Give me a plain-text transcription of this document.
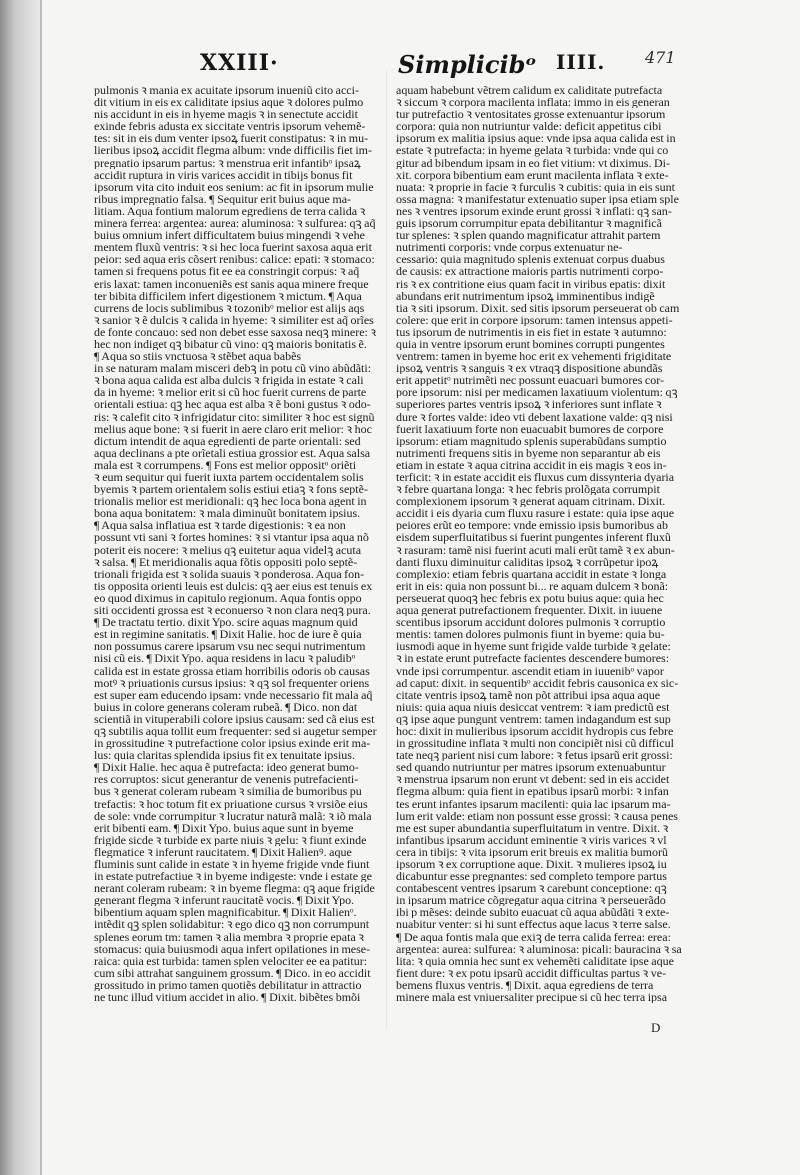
XXIII·	Simplicibᵒ IIII. 471
pulmonis ꝛ mania ex acuitate ipsorum inueniũ cito acci-
dit vitium in eis ex caliditate ipsius aque ꝛ dolores pulmo
nis accidunt in eis in hyeme magis ꝛ in senectute accidit
exinde febris adusta ex siccitate ventris ipsorum vehemẽ-
tes: sit in eis dum venter ipsoꝝ fuerit constipatus: ꝛ in mu-
lieribus ipsoꝝ accidit flegma album: vnde difficilis fiet im-
pregnatio ipsarum partus: ꝛ menstrua erit infantibᵒ ipsaꝝ
accidit ruptura in viris varices accidit in tibijs bonus fit
ipsorum vita cito induit eos senium: ac fit in ipsorum mulie
ribus impregnatio falsa. ¶ Sequitur erit buius aque ma-
litiam. Aqua fontium malorum egrediens de terra calida ꝛ
minera ferrea: argentea: aurea: aluminosa: ꝛ sulfurea: qꝫ aq̃
buius omnium infert difficultatem buius mingendi ꝛ vehe
mentem fluxũ ventris: ꝛ si hec loca fuerint saxosa aqua erit
peior: sed aqua eris cõsert renibus: calice: epati: ꝛ stomaco:
tamen si frequens potus fit ee ea constringit corpus: ꝛ aq̃
eris laxat: tamen inconueniẽs est sanis aqua minere freque
ter bibita difficilem infert digestionem ꝛ mictum. ¶ Aqua
currens de locis sublimibus ꝛ tozonibᵒ melior est alijs aqs
ꝛ sanior ꝛ ẽ dulcis ꝛ calida in hyeme: ꝛ similiter est aq̃ orĩes
de fonte concauo: sed non debet esse saxosa neqꝫ minere: ꝛ
hec non indiget qꝫ bibatur cũ vino: qꝫ maioris bonitatis ẽ.
¶ Aqua so stiis vnctuosa ꝛ stẽbet aqua babẽs
in se naturam malam misceri debꝫ in potu cũ vino abũdãti:
ꝛ bona aqua calida est alba dulcis ꝛ frigida in estate ꝛ cali
da in hyeme: ꝛ melior erit si cũ hoc fuerit currens de parte
orientali estiua: qꝫ hec aqua est alba ꝛ ẽ boni gustus ꝛ odo-
ris: ꝛ calefit cito ꝛ infrigidatur cito: similiter ꝛ hoc est signũ
melius aque bone: ꝛ si fuerit in aere claro erit melior: ꝛ hoc
dictum intendit de aqua egredienti de parte orientali: sed
aqua declinans a pte orĩetali estiua grossior est. Aqua salsa
mala est ꝛ corrumpens. ¶ Fons est melior oppositᵒ oriẽti
ꝛ eum sequitur qui fuerit iuxta partem occidentalem solis
byemis ꝛ partem orientalem solis estiui etiaꝫ ꝛ fons septẽ-
trionalis melior est meridionali: qꝫ hec loca bona agent in
bona aqua bonitatem: ꝛ mala diminuũt bonitatem ipsius.
¶ Aqua salsa inflatiua est ꝛ tarde digestionis: ꝛ ea non
possunt vti sani ꝛ fortes homines: ꝛ si vtantur ipsa aqua nõ
poterit eis nocere: ꝛ melius qꝫ euitetur aqua videlꝫ acuta
ꝛ salsa. ¶ Et meridionalis aqua fõtis oppositi polo septẽ-
trionali frigida est ꝛ solida suauis ꝛ ponderosa. Aqua fon-
tis opposita orienti leuis est dulcis: qꝫ aer eius est tenuis ex
eo quod diximus in capitulo regionum. Aqua fontis oppo
siti occidenti grossa est ꝛ econuerso ꝛ non clara neqꝫ pura.
¶ De tractatu tertio. dixit Ypo. scire aquas magnum quid
est in regimine sanitatis. ¶ Dixit Halie. hoc de iure ẽ quia
non possumus carere ipsarum vsu nec sequi nutrimentum
nisi cũ eis. ¶ Dixit Ypo. aqua residens in lacu ꝛ paludibᵒ
calida est in estate grossa etiam horribilis odoris ob causas
motꝰ ꝛ priuationis cursus ipsius: ꝛ qꝫ sol frequenter oriens
est super eam educendo ipsam: vnde necessario fit mala aq̃
buius in colore generans coleram rubeã. ¶ Dico. non dat
scientiã in vituperabili colore ipsius causam: sed cã eius est
qꝫ subtilis aqua tollit eum frequenter: sed si augetur semper
in grossitudine ꝛ putrefactione color ipsius exinde erit ma-
lus: quia claritas splendida ipsius fit ex tenuitate ipsius.
¶ Dixit Halie. hec aqua ẽ putrefacta: ideo generat bumo-
res corruptos: sicut generantur de venenis putrefacienti-
bus ꝛ generat coleram rubeam ꝛ similia de bumoribus pu
trefactis: ꝛ hoc totum fit ex priuatione cursus ꝛ vrsiõe eius
de sole: vnde corrumpitur ꝛ lucratur naturã malã: ꝛ iõ mala
erit bibenti eam. ¶ Dixit Ypo. buius aque sunt in byeme
frigide sicde ꝛ turbide ex parte niuis ꝛ gelu: ꝛ fiunt exinde
flegmatice ꝛ inferunt raucitatem. ¶ Dixit Halienꝰ. aque
fluminis sunt calide in estate ꝛ in hyeme frigide vnde fiunt
in estate putrefactiue ꝛ in byeme indigeste: vnde i estate ge
nerant coleram rubeam: ꝛ in byeme flegma: qꝫ aque frigide
generant flegma ꝛ inferunt raucitatẽ vocis. ¶ Dixit Ypo.
bibentium aquam splen magnificabitur. ¶ Dixit Halienᵒ.
intẽdit qꝫ splen solidabitur: ꝛ ego dico qꝫ non corrumpunt
splenes eorum tm: tamen ꝛ alia membra ꝛ proprie epata ꝛ
stomacus: quia buiusmodi aqua infert opilationes in mese-
raica: quia est turbida: tamen splen velociter ee ea patitur:
cum sibi attrahat sanguinem grossum. ¶ Dico. in eo accidit
grossitudo in primo tamen quotiẽs debilitatur in attractio
ne tunc illud vitium accidet in alio. ¶ Dixit. bibẽtes bmõi
aquam habebunt vẽtrem calidum ex caliditate putrefacta
ꝛ siccum ꝛ corpora macilenta inflata: immo in eis generan
tur putrefactio ꝛ ventositates grosse extenuantur ipsorum
corpora: quia non nutriuntur valde: deficit appetitus cibi
ipsorum ex malitia ipsius aque: vnde ipsa aqua calida est in
estate ꝛ putrefacta: in hyeme gelata ꝛ turbida: vnde qui co
gitur ad bibendum ipsam in eo fiet vitium: vt diximus. Di-
xit. corpora bibentium eam erunt macilenta inflata ꝛ exte-
nuata: ꝛ proprie in facie ꝛ furculis ꝛ cubitis: quia in eis sunt
ossa magna: ꝛ manifestatur extenuatio super ipsa etiam sple
nes ꝛ ventres ipsorum exinde erunt grossi ꝛ inflati: qꝫ san-
guis ipsorum corrumpitur epata debilitantur ꝛ magnificã
tur splenes: ꝛ splen quando magnificatur attrahit partem
nutrimenti corporis: vnde corpus extenuatur ne-
cessario: quia magnitudo splenis extenuat corpus duabus
de causis: ex attractione maioris partis nutrimenti corpo-
ris ꝛ ex contritione eius quam facit in viribus epatis: dixit
abundans erit nutrimentum ipsoꝝ imminentibus indigẽ
tia ꝛ siti ipsorum. Dixit. sed sitis ipsorum perseuerat ob cam
colere: que erit in corpore ipsorum: tamen intensus appeti-
tus ipsorum de nutrimentis in eis fiet in estate ꝛ autumno:
quia in ventre ipsorum erunt bomines corrupti pungentes
ventrem: tamen in byeme hoc erit ex vehementi frigiditate
ipsoꝝ ventris ꝛ sanguis ꝛ ex vtraqꝫ dispositione abundãs
erit appetitᵒ nutrimẽti nec possunt euacuari bumores cor-
pore ipsorum: nisi per medicamen laxatiuum violentum: qꝫ
superiores partes ventris ipsoꝝ ꝛ inferiores sunt inflate ꝛ
dure ꝛ fortes valde: ideo vti debent laxatione valde: qꝫ nisi
fuerit laxatiuum forte non euacuabit bumores de corpore
ipsorum: etiam magnitudo splenis superabũdans sumptio
nutrimenti frequens sitis in byeme non separantur ab eis
etiam in estate ꝛ aqua citrina accidit in eis magis ꝛ eos in-
terficit: ꝛ in estate accidit eis fluxus cum dissynteria dyaria
ꝛ febre quartana longa: ꝛ hec febris prolõgata corrumpit
complexionem ipsorum ꝛ generat aquam citrinam. Dixit.
accidit i eis dyaria cum fluxu rasure i estate: quia ipse aque
peiores erũt eo tempore: vnde emissio ipsis bumoribus ab
eisdem superfluitatibus si fuerint pungentes inferent fluxũ
ꝛ rasuram: tamẽ nisi fuerint acuti mali erũt tamẽ ꝛ ex abun-
danti fluxu diminuitur caliditas ipsoꝝ ꝛ corrũpetur ipoꝝ
complexio: etiam febris quartana accidit in estate ꝛ longa
erit in eis: quia non possunt bi... re aquam dulcem ꝛ bonã:
perseuerat quoqꝫ hec febris ex potu buius aque: quia hec
aqua generat putrefactionem frequenter. Dixit. in iuuene
scentibus ipsorum accidunt dolores pulmonis ꝛ corruptio
mentis: tamen dolores pulmonis fiunt in byeme: quia bu-
iusmodi aque in hyeme sunt frigide valde turbide ꝛ gelate:
ꝛ in estate erunt putrefacte facientes descendere bumores:
vnde ipsi corrumpentur. ascendit etiam in iuuenibᵒ vapor
ad caput: dixit. in sequentibᵒ accidit febris causonica ex sic-
citate ventris ipsoꝝ tamẽ non põt attribui ipsa aqua aque
niuis: quia aqua niuis desiccat ventrem: ꝛ iam predictũ est
qꝫ ipse aque pungunt ventrem: tamen indagandum est sup
hoc: dixit in mulieribus ipsorum accidit hydropis cus febre
in grossitudine inflata ꝛ multi non concipiẽt nisi cũ difficul
tate neqꝫ parient nisi cum labore: ꝛ fetus ipsarũ erit grossi:
sed quando nutriuntur per matres ipsorum extenuabuntur
ꝛ menstrua ipsarum non erunt vt debent: sed in eis accidet
flegma album: quia fient in epatibus ipsarũ morbi: ꝛ infan
tes erunt infantes ipsarum macilenti: quia lac ipsarum ma-
lum erit valde: etiam non possunt esse grossi: ꝛ causa penes
me est super abundantia superfluitatum in ventre. Dixit. ꝛ
infantibus ipsarum accidunt eminentie ꝛ viris varices ꝛ vl
cera in tibijs: ꝛ vita ipsorum erit breuis ex malitia bumorũ
ipsorum ꝛ ex corruptione aque. Dixit. ꝛ mulieres ipsoꝝ iu
dicabuntur esse pregnantes: sed completo tempore partus
contabescent ventres ipsarum ꝛ carebunt conceptione: qꝫ
in ipsarum matrice cõgregatur aqua citrina ꝛ perseuerãdo
ibi p mẽses: deinde subito euacuat cũ aqua abũdãti ꝛ exte-
nuabitur venter: si hi sunt effectus aque lacus ꝛ terre salse.
¶ De aqua fontis mala que exiꝫ de terra calida ferrea: erea:
argentea: aurea: sulfurea: ꝛ aluminosa: picali: bauracina ꝛ sa
lita: ꝛ quia omnia hec sunt ex vehemẽti caliditate ipse aque
fient dure: ꝛ ex potu ipsarũ accidit difficultas partus ꝛ ve-
bemens fluxus ventris. ¶ Dixit. aqua egrediens de terra
minere mala est vniuersaliter precipue si cũ hec terra ipsa
D
